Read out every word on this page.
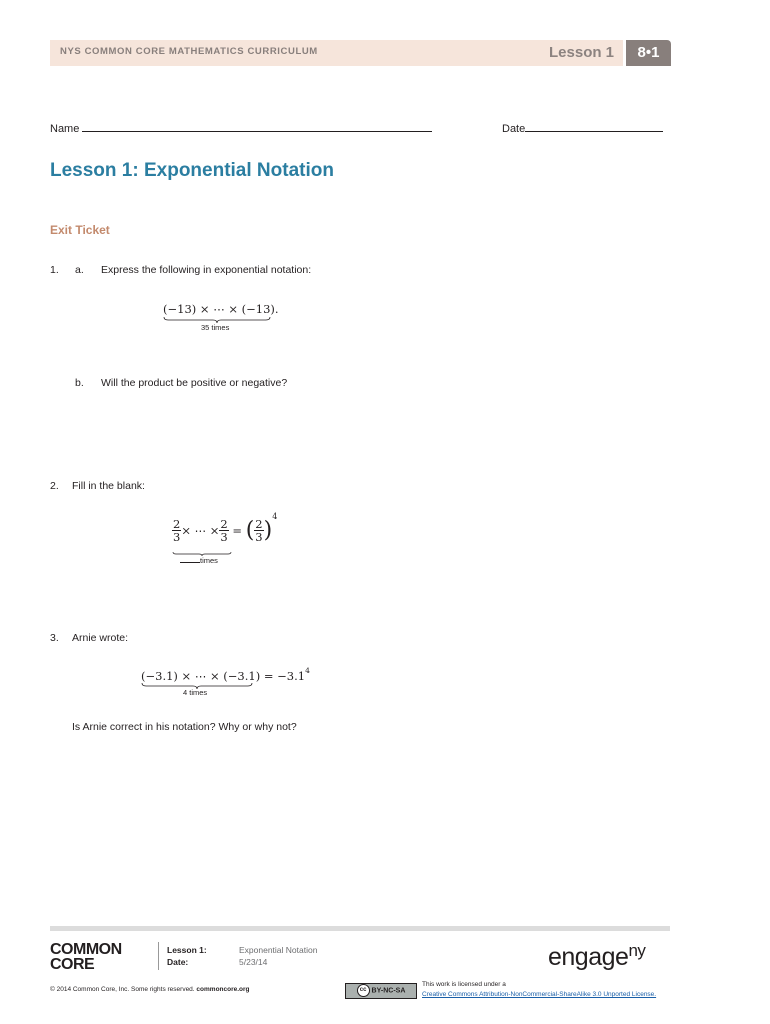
NYS COMMON CORE MATHEMATICS CURRICULUM	Lesson 1	8•1
Name	Date
Lesson 1: Exponential Notation
Exit Ticket
1. a. Express the following in exponential notation:
(−13) × ⋯ × (−13).
35 times
b. Will the product be positive or negative?
2. Fill in the blank:
$\frac{2}{3}$ × ⋯ × $\frac{2}{3}$ = ( $\frac{2}{3} )^4$
times
3. Arnie wrote:
(−3.1) × ⋯ × $(-3.1) = -3.1^4$
4 times
Is Arnie correct in his notation? Why or why not?
COMMON
CORE
Lesson 1:	Exponential Notation
Date:	5/23/14	engage$^{ny}$
© 2014 Common Core, Inc. Some rights reserved. commoncore.org	cc BY-NC-SA
This work is licensed under a
Creative Commons Attribution-NonCommercial-ShareAlike 3.0 Unported License.
